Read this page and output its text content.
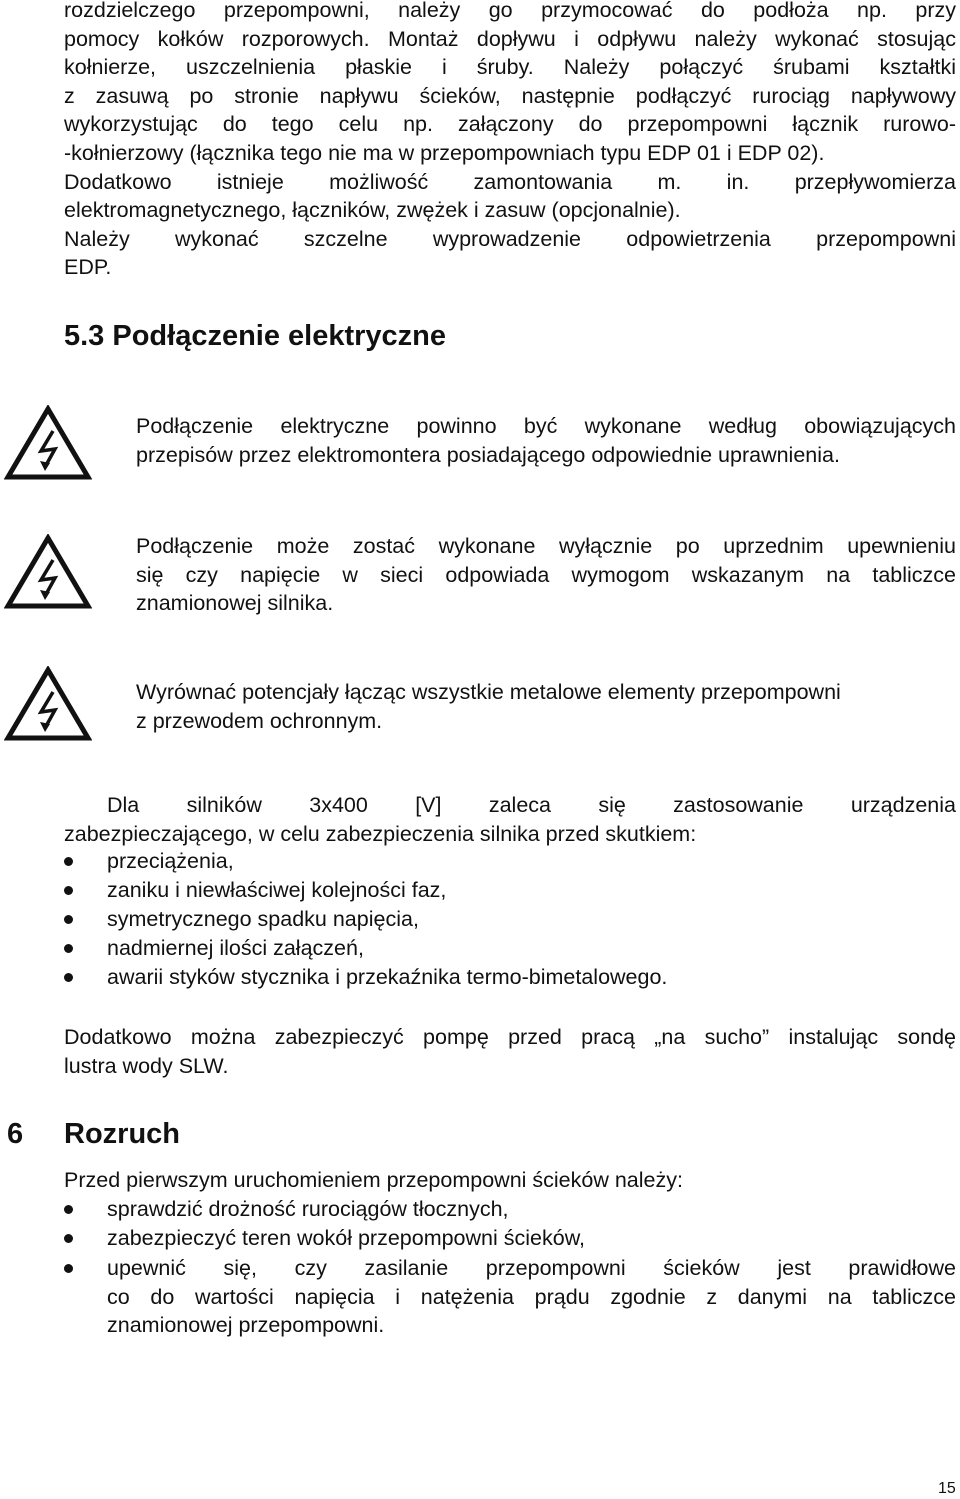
rozdzielczego przepompowni, należy go przymocować do podłoża np. przy
pomocy kołków rozporowych. Montaż dopływu i odpływu należy wykonać stosując
kołnierze, uszczelnienia płaskie i śruby. Należy połączyć śrubami kształtki
z zasuwą po stronie napływu ścieków, następnie podłączyć rurociąg napływowy
wykorzystując do tego celu np. załączony do przepompowni łącznik rurowo-
-kołnierzowy (łącznika tego nie ma w przepompowniach typu EDP 01 i EDP 02).
Dodatkowo istnieje możliwość zamontowania m. in. przepływomierza
elektromagnetycznego, łączników, zwężek i zasuw (opcjonalnie).
Należy wykonać szczelne wyprowadzenie odpowietrzenia przepompowni
EDP.
5.3 Podłączenie elektryczne
Podłączenie elektryczne powinno być wykonane według obowiązujących
przepisów przez elektromontera posiadającego odpowiednie uprawnienia.
Podłączenie może zostać wykonane wyłącznie po uprzednim upewnieniu
się czy napięcie w sieci odpowiada wymogom wskazanym na tabliczce
znamionowej silnika.
Wyrównać potencjały łącząc wszystkie metalowe elementy przepompowni
z przewodem ochronnym.
Dla silników 3x400 [V] zaleca się zastosowanie urządzenia
zabezpieczającego, w celu zabezpieczenia silnika przed skutkiem:
przeciążenia,
zaniku i niewłaściwej kolejności faz,
symetrycznego spadku napięcia,
nadmiernej ilości załączeń,
awarii styków stycznika i przekaźnika termo-bimetalowego.
Dodatkowo można zabezpieczyć pompę przed pracą „na sucho” instalując sondę
lustra wody SLW.
6 Rozruch
Przed pierwszym uruchomieniem przepompowni ścieków należy:
sprawdzić drożność rurociągów tłocznych,
zabezpieczyć teren wokół przepompowni ścieków,
upewnić się, czy zasilanie przepompowni ścieków jest prawidłowe
co do wartości napięcia i natężenia prądu zgodnie z danymi na tabliczce
znamionowej przepompowni.
15
